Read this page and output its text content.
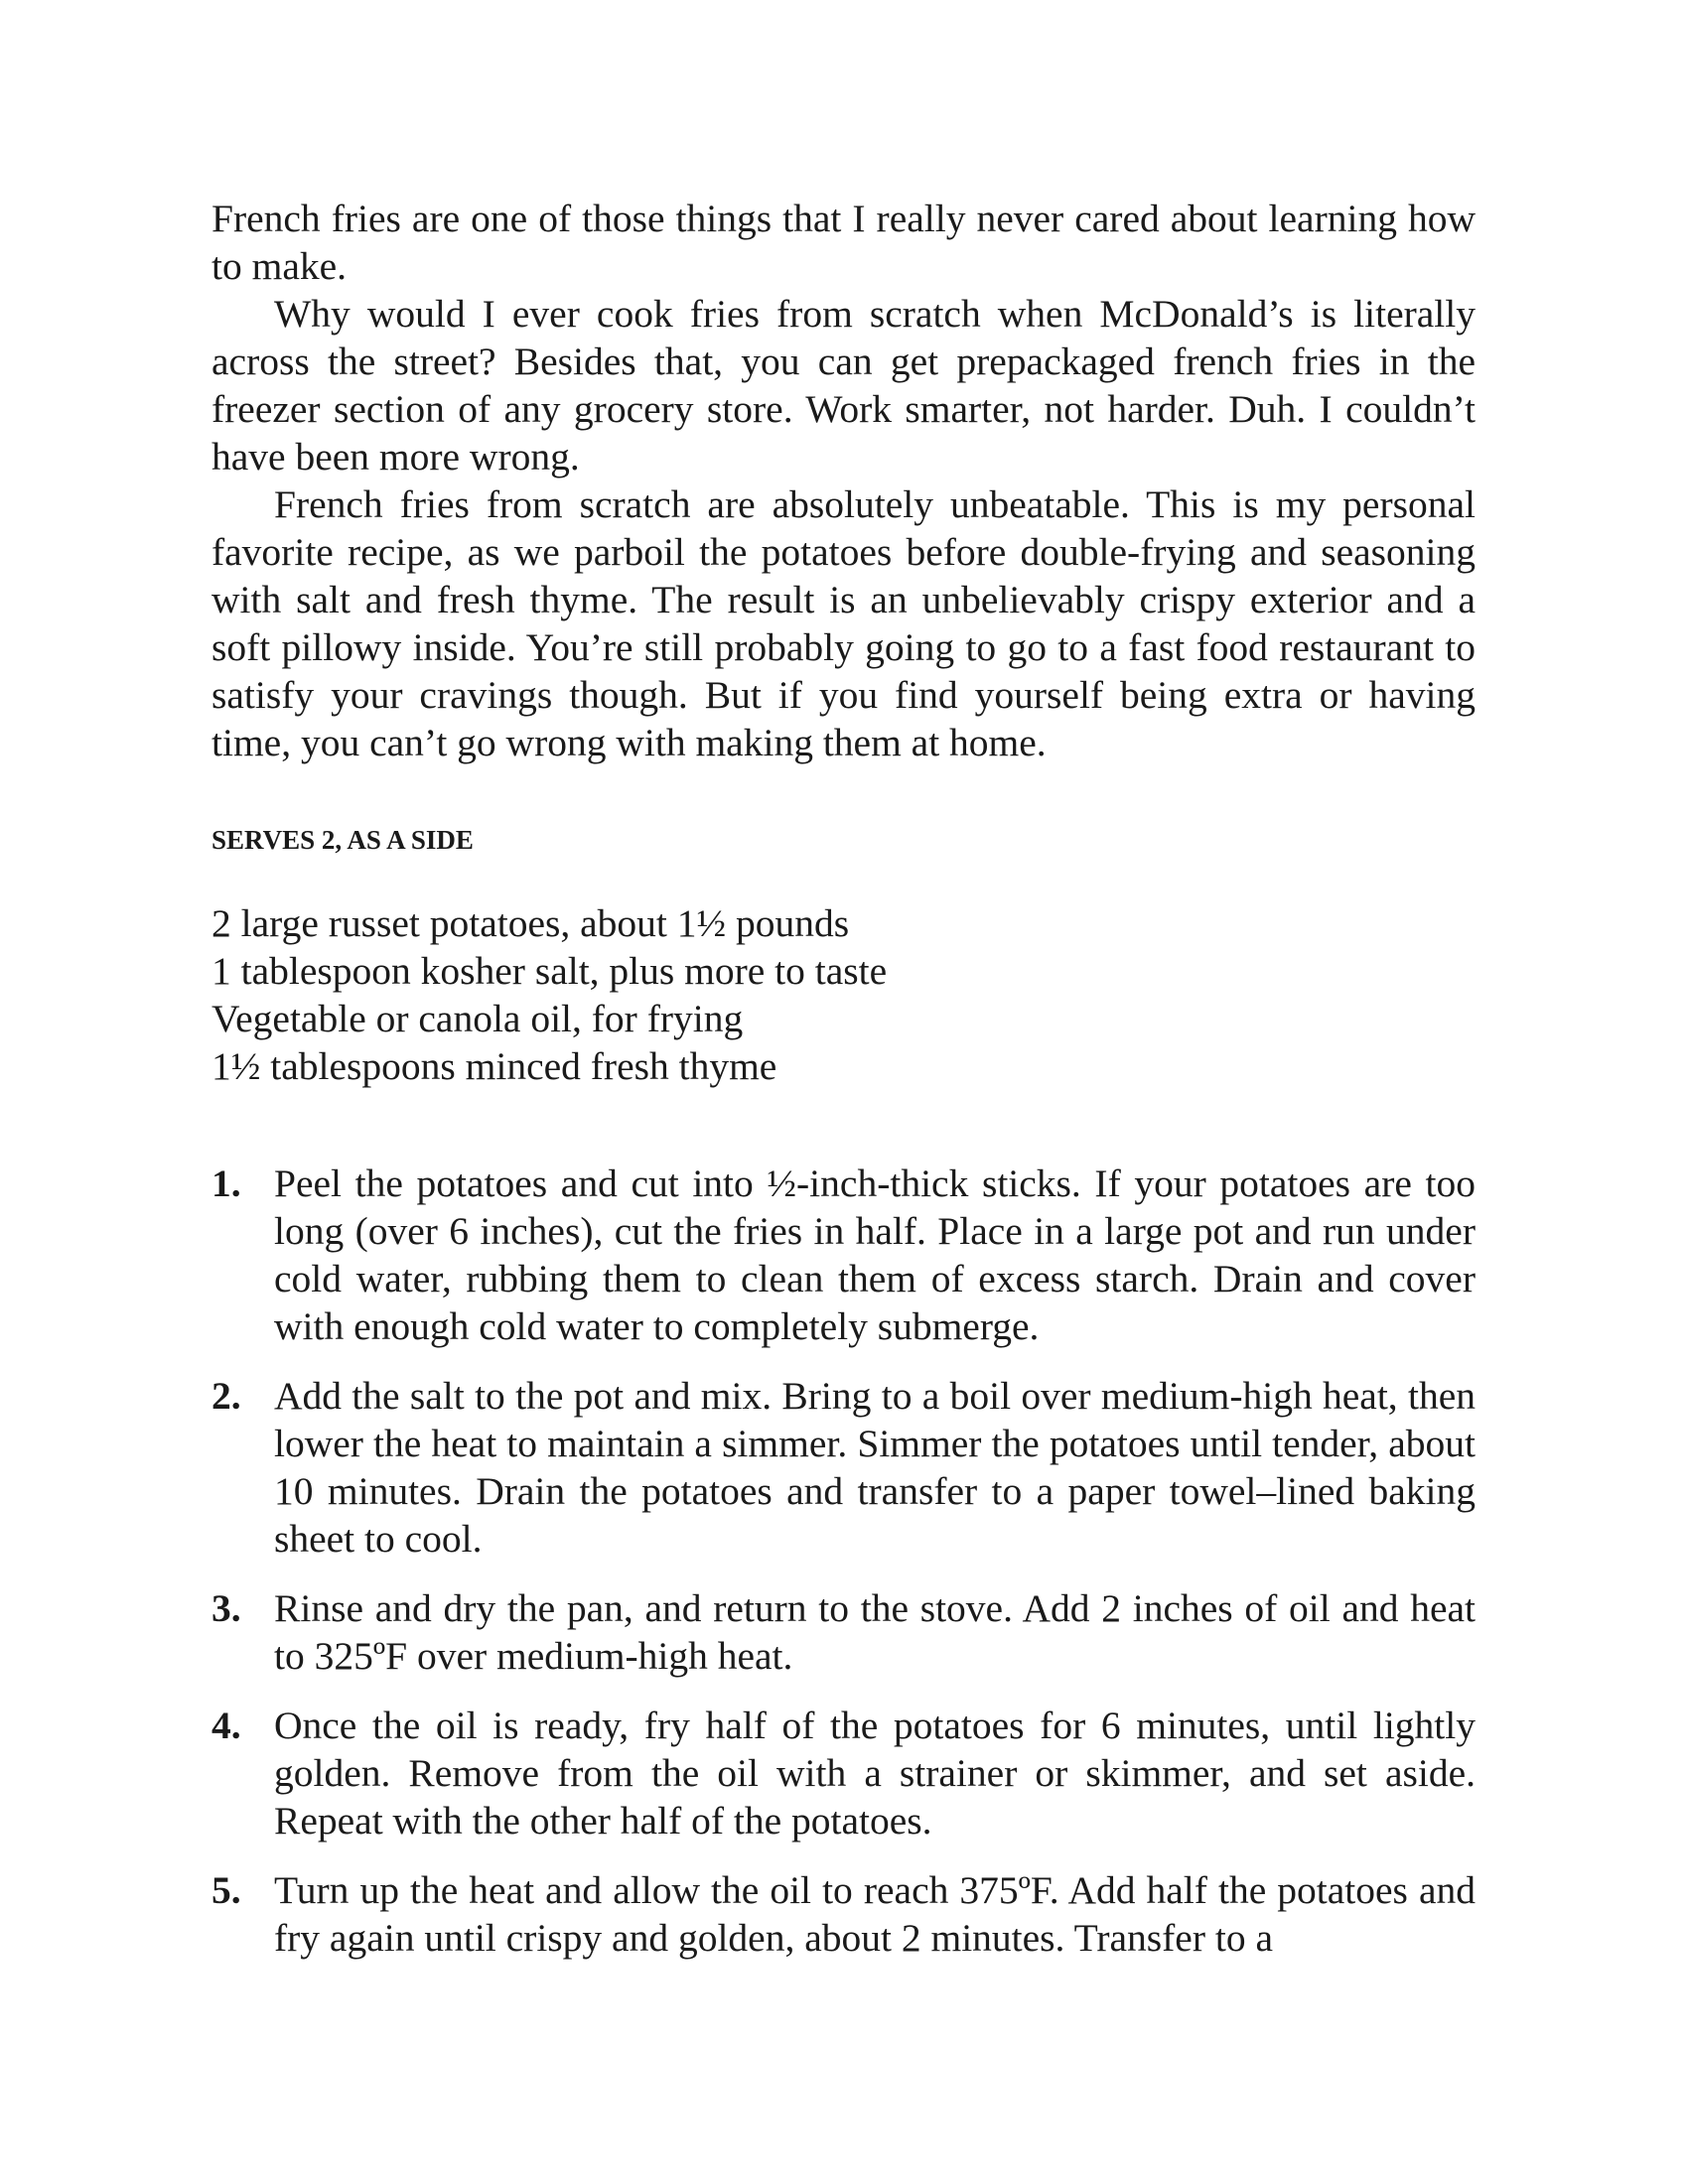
French fries are one of those things that I really never cared about learning how to make.

Why would I ever cook fries from scratch when McDonald’s is literally across the street? Besides that, you can get prepackaged french fries in the freezer section of any grocery store. Work smarter, not harder. Duh. I couldn’t have been more wrong.

French fries from scratch are absolutely unbeatable. This is my personal favorite recipe, as we parboil the potatoes before double-frying and seasoning with salt and fresh thyme. The result is an unbelievably crispy exterior and a soft pillowy inside. You’re still probably going to go to a fast food restaurant to satisfy your cravings though. But if you find yourself being extra or having time, you can’t go wrong with making them at home.

SERVES 2, AS A SIDE
2 large russet potatoes, about 1½ pounds
1 tablespoon kosher salt, plus more to taste
Vegetable or canola oil, for frying
1½ tablespoons minced fresh thyme
1. Peel the potatoes and cut into ½-inch-thick sticks. If your potatoes are too long (over 6 inches), cut the fries in half. Place in a large pot and run under cold water, rubbing them to clean them of excess starch. Drain and cover with enough cold water to completely submerge.
2. Add the salt to the pot and mix. Bring to a boil over medium-high heat, then lower the heat to maintain a simmer. Simmer the potatoes until tender, about 10 minutes. Drain the potatoes and transfer to a paper towel–lined baking sheet to cool.
3. Rinse and dry the pan, and return to the stove. Add 2 inches of oil and heat to 325ºF over medium-high heat.
4. Once the oil is ready, fry half of the potatoes for 6 minutes, until lightly golden. Remove from the oil with a strainer or skimmer, and set aside. Repeat with the other half of the potatoes.
5. Turn up the heat and allow the oil to reach 375ºF. Add half the potatoes and fry again until crispy and golden, about 2 minutes. Transfer to a
